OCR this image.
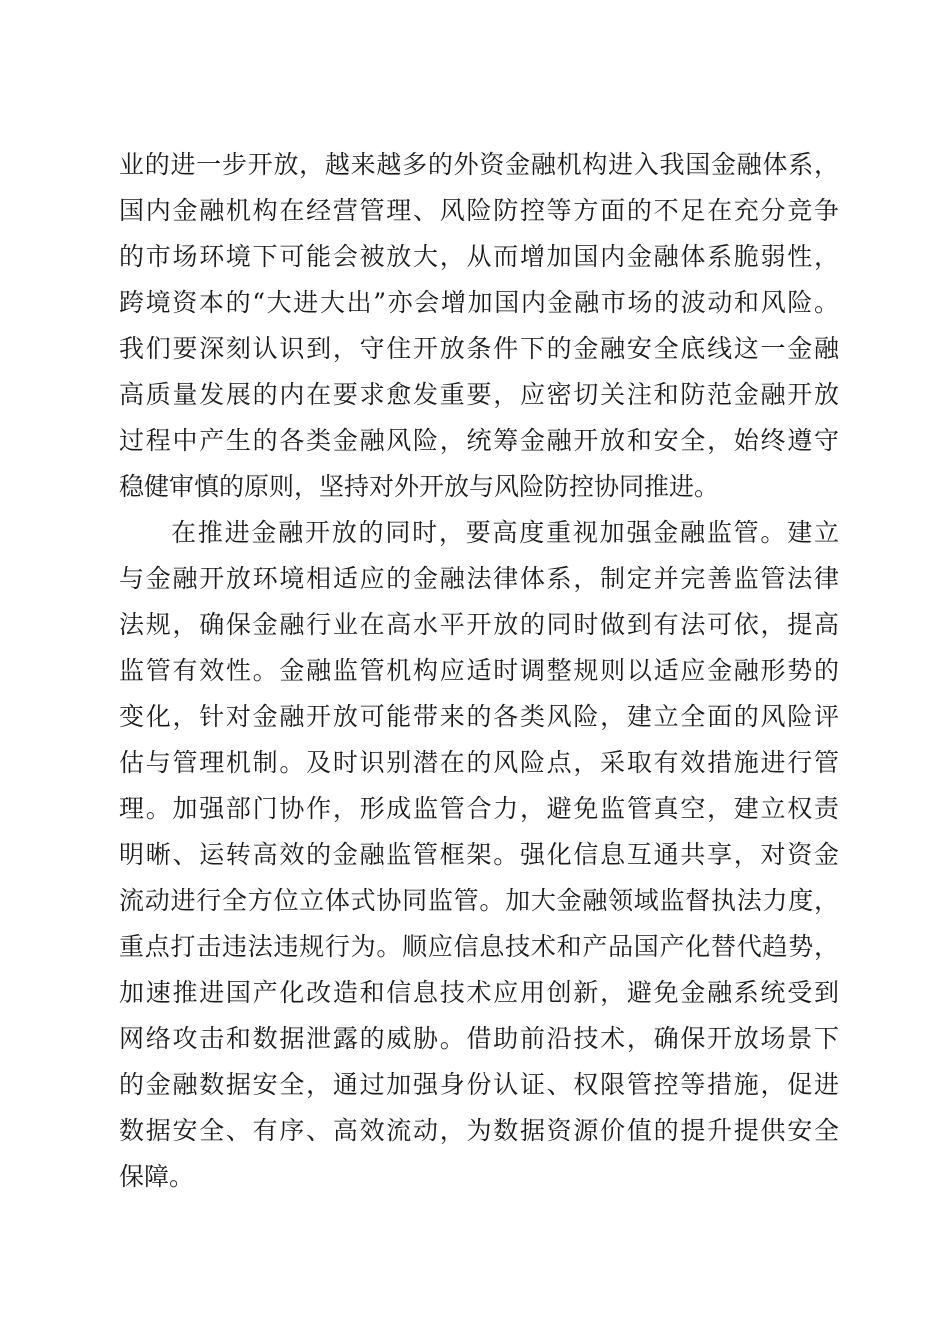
业的进一步开放，越来越多的外资金融机构进入我国金融体系，
国内金融机构在经营管理、风险防控等方面的不足在充分竞争
的市场环境下可能会被放大，从而增加国内金融体系脆弱性，
跨境资本的“大进大出”亦会增加国内金融市场的波动和风险。
我们要深刻认识到，守住开放条件下的金融安全底线这一金融
高质量发展的内在要求愈发重要，应密切关注和防范金融开放
过程中产生的各类金融风险，统筹金融开放和安全，始终遵守
稳健审慎的原则，坚持对外开放与风险防控协同推进。
在推进金融开放的同时，要高度重视加强金融监管。建立
与金融开放环境相适应的金融法律体系，制定并完善监管法律
法规，确保金融行业在高水平开放的同时做到有法可依，提高
监管有效性。金融监管机构应适时调整规则以适应金融形势的
变化，针对金融开放可能带来的各类风险，建立全面的风险评
估与管理机制。及时识别潜在的风险点，采取有效措施进行管
理。加强部门协作，形成监管合力，避免监管真空，建立权责
明晰、运转高效的金融监管框架。强化信息互通共享，对资金
流动进行全方位立体式协同监管。加大金融领域监督执法力度，
重点打击违法违规行为。顺应信息技术和产品国产化替代趋势，
加速推进国产化改造和信息技术应用创新，避免金融系统受到
网络攻击和数据泄露的威胁。借助前沿技术，确保开放场景下
的金融数据安全，通过加强身份认证、权限管控等措施，促进
数据安全、有序、高效流动，为数据资源价值的提升提供安全
保障。
